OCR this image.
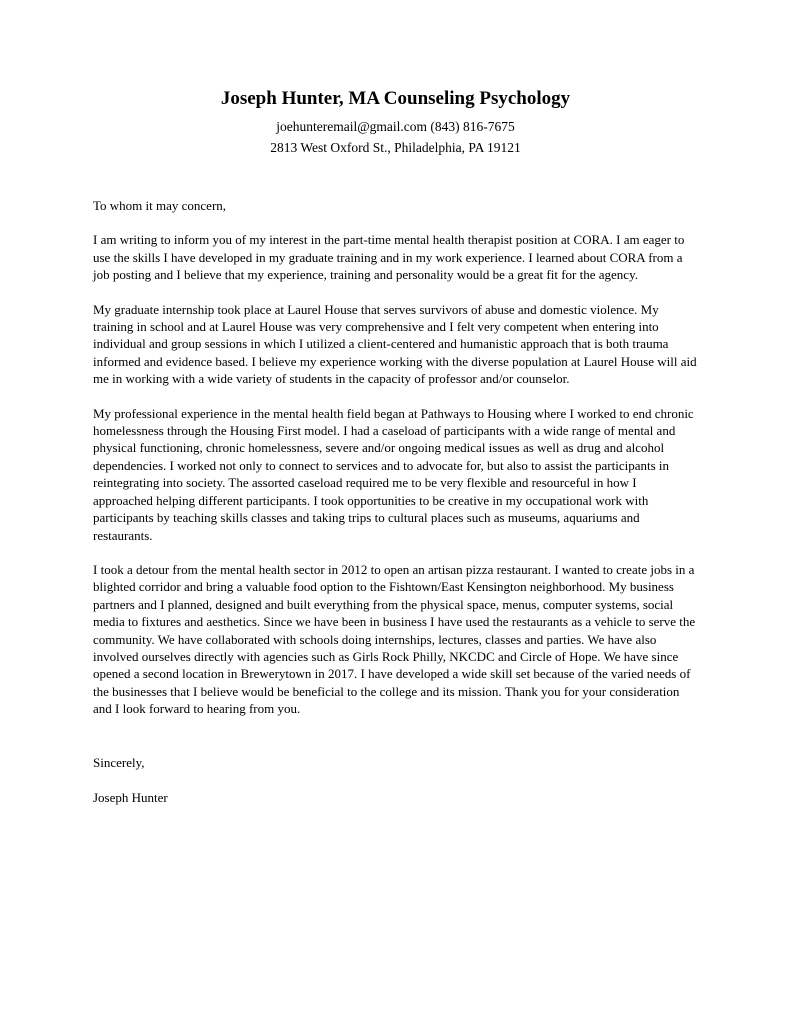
Joseph Hunter, MA Counseling Psychology
joehunteremail@gmail.com (843) 816-7675
2813 West Oxford St., Philadelphia, PA 19121

To whom it may concern,

I am writing to inform you of my interest in the part-time mental health therapist position at CORA. I am eager to use the skills I have developed in my graduate training and in my work experience. I learned about CORA from a job posting and I believe that my experience, training and personality would be a great fit for the agency.

My graduate internship took place at Laurel House that serves survivors of abuse and domestic violence. My training in school and at Laurel House was very comprehensive and I felt very competent when entering into individual and group sessions in which I utilized a client-centered and humanistic approach that is both trauma informed and evidence based. I believe my experience working with the diverse population at Laurel House will aid me in working with a wide variety of students in the capacity of professor and/or counselor.

My professional experience in the mental health field began at Pathways to Housing where I worked to end chronic homelessness through the Housing First model. I had a caseload of participants with a wide range of mental and physical functioning, chronic homelessness, severe and/or ongoing medical issues as well as drug and alcohol dependencies. I worked not only to connect to services and to advocate for, but also to assist the participants in reintegrating into society. The assorted caseload required me to be very flexible and resourceful in how I approached helping different participants. I took opportunities to be creative in my occupational work with participants by teaching skills classes and taking trips to cultural places such as museums, aquariums and restaurants.

I took a detour from the mental health sector in 2012 to open an artisan pizza restaurant. I wanted to create jobs in a blighted corridor and bring a valuable food option to the Fishtown/East Kensington neighborhood. My business partners and I planned, designed and built everything from the physical space, menus, computer systems, social media to fixtures and aesthetics. Since we have been in business I have used the restaurants as a vehicle to serve the community. We have collaborated with schools doing internships, lectures, classes and parties. We have also involved ourselves directly with agencies such as Girls Rock Philly, NKCDC and Circle of Hope. We have since opened a second location in Brewerytown in 2017. I have developed a wide skill set because of the varied needs of the businesses that I believe would be beneficial to the college and its mission. Thank you for your consideration and I look forward to hearing from you.

Sincerely,

Joseph Hunter
